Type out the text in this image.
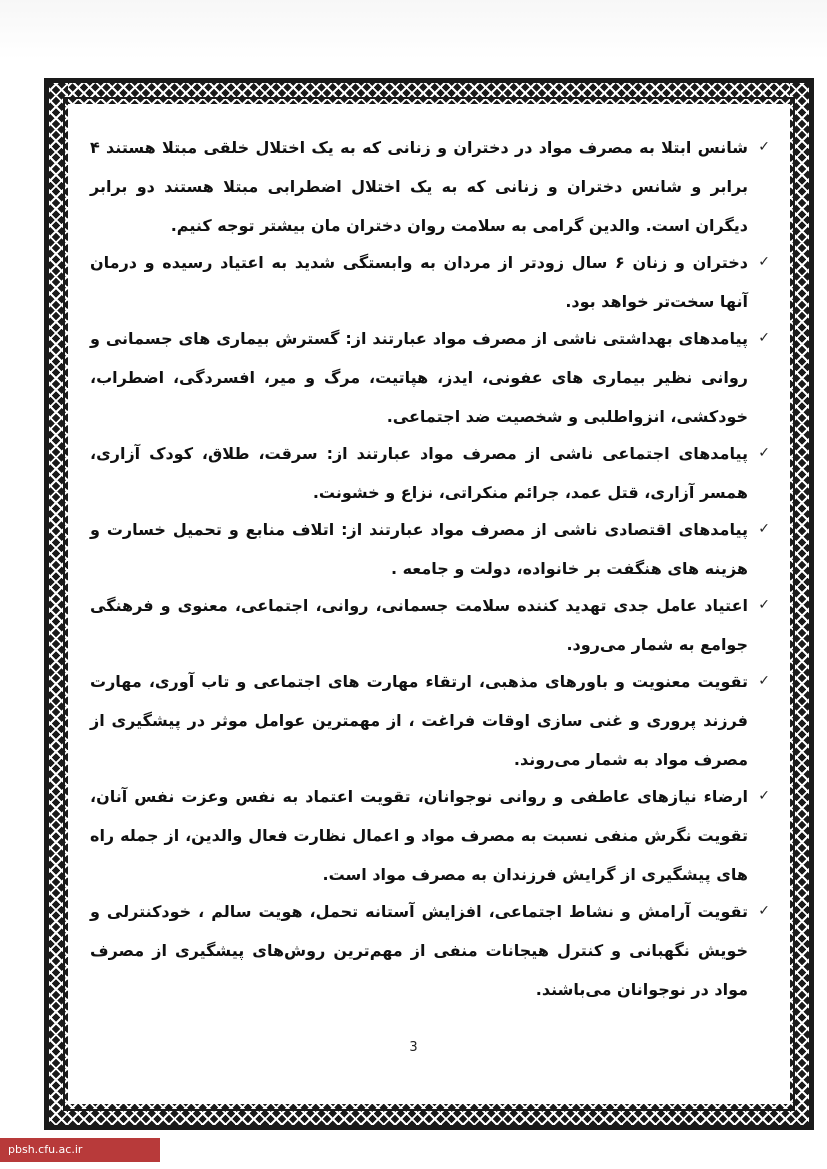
✓
شانس ابتلا به مصرف مواد در دختران و زنانی که به یک اختلال خلقی مبتلا هستند ۴ برابر و شانس دختران و زنانی که به یک اختلال اضطرابی مبتلا هستند دو برابر دیگران است. والدین گرامی به سلامت روان دختران مان بیشتر توجه کنیم.

✓
دختران و زنان ۶ سال زودتر از مردان به وابستگی شدید به اعتیاد رسیده و درمان آنها سخت‌تر خواهد بود.

✓
پیامدهای بهداشتی ناشی از مصرف مواد عبارتند از: گسترش بیماری های جسمانی و روانی نظیر بیماری های عفونی، ایدز، هپاتیت، مرگ و میر، افسردگی، اضطراب، خودکشی، انزواطلبی و شخصیت ضد اجتماعی.

✓
پیامدهای اجتماعی ناشی از مصرف مواد عبارتند از: سرقت، طلاق، کودک آزاری، همسر آزاری، قتل عمد، جرائم منکراتی، نزاع و خشونت.

✓
پیامدهای اقتصادی ناشی از مصرف مواد عبارتند از: اتلاف منابع و تحمیل خسارت و هزینه های هنگفت بر خانواده، دولت و جامعه .

✓
اعتیاد عامل جدی تهدید کننده سلامت جسمانی، روانی، اجتماعی، معنوی و فرهنگی جوامع به شمار می‌رود.

✓
تقویت معنویت و باورهای مذهبی، ارتقاء مهارت های اجتماعی و تاب آوری، مهارت فرزند پروری و غنی سازی اوقات فراغت ، از مهمترین عوامل موثر در پیشگیری از مصرف مواد به شمار می‌روند.

✓
ارضاء نیازهای عاطفی و روانی نوجوانان، تقویت اعتماد به نفس وعزت نفس آنان، تقویت نگرش منفی نسبت به مصرف مواد و اعمال نظارت فعال والدین، از جمله راه های پیشگیری از گرایش فرزندان به مصرف مواد است.

✓
تقویت آرامش و نشاط اجتماعی، افزایش آستانه تحمل، هویت سالم ، خودکنترلی و خویش نگهبانی و کنترل هیجانات منفی از مهم‌ترین روش‌های پیشگیری از مصرف مواد در نوجوانان می‌باشند.

3
pbsh.cfu.ac.ir
